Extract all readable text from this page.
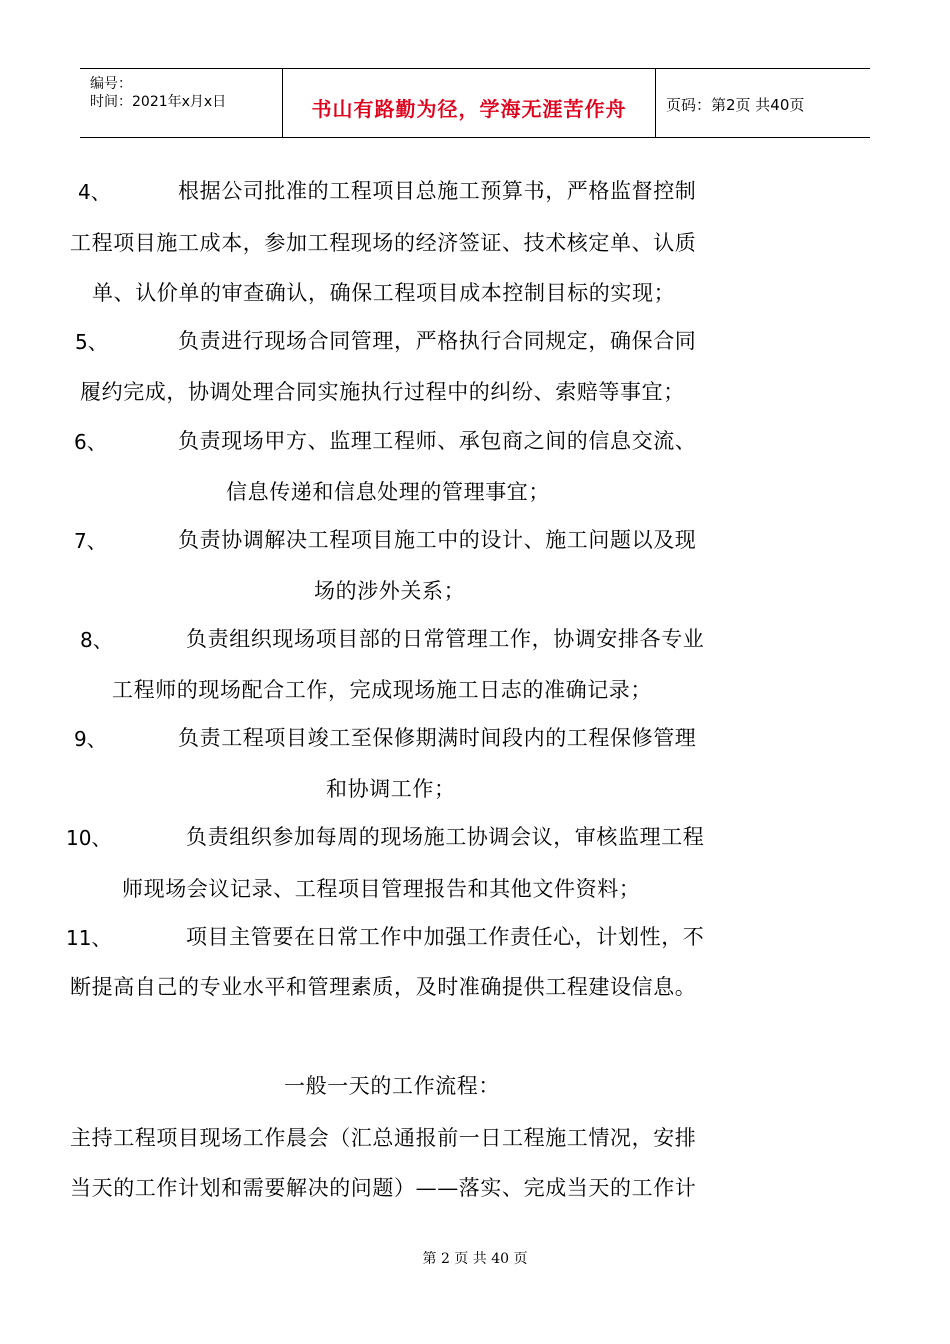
编号：
时间：2021年x月x日	书山有路勤为径，学海无涯苦作舟	页码：第2页 共40页
4、	根据公司批准的工程项目总施工预算书，严格监督控制
工程项目施工成本，参加工程现场的经济签证、技术核定单、认质
单、认价单的审查确认，确保工程项目成本控制目标的实现；
5、	负责进行现场合同管理，严格执行合同规定，确保合同
履约完成，协调处理合同实施执行过程中的纠纷、索赔等事宜；
6、	负责现场甲方、监理工程师、承包商之间的信息交流、
信息传递和信息处理的管理事宜；
7、	负责协调解决工程项目施工中的设计、施工问题以及现
场的涉外关系；
8、	负责组织现场项目部的日常管理工作，协调安排各专业
工程师的现场配合工作，完成现场施工日志的准确记录；
9、	负责工程项目竣工至保修期满时间段内的工程保修管理
和协调工作；
10、	负责组织参加每周的现场施工协调会议，审核监理工程
师现场会议记录、工程项目管理报告和其他文件资料；
11、	项目主管要在日常工作中加强工作责任心，计划性，不
断提高自己的专业水平和管理素质，及时准确提供工程建设信息。
一般一天的工作流程：
主持工程项目现场工作晨会（汇总通报前一日工程施工情况，安排
当天的工作计划和需要解决的问题）——落实、完成当天的工作计
第 2 页 共 40 页
